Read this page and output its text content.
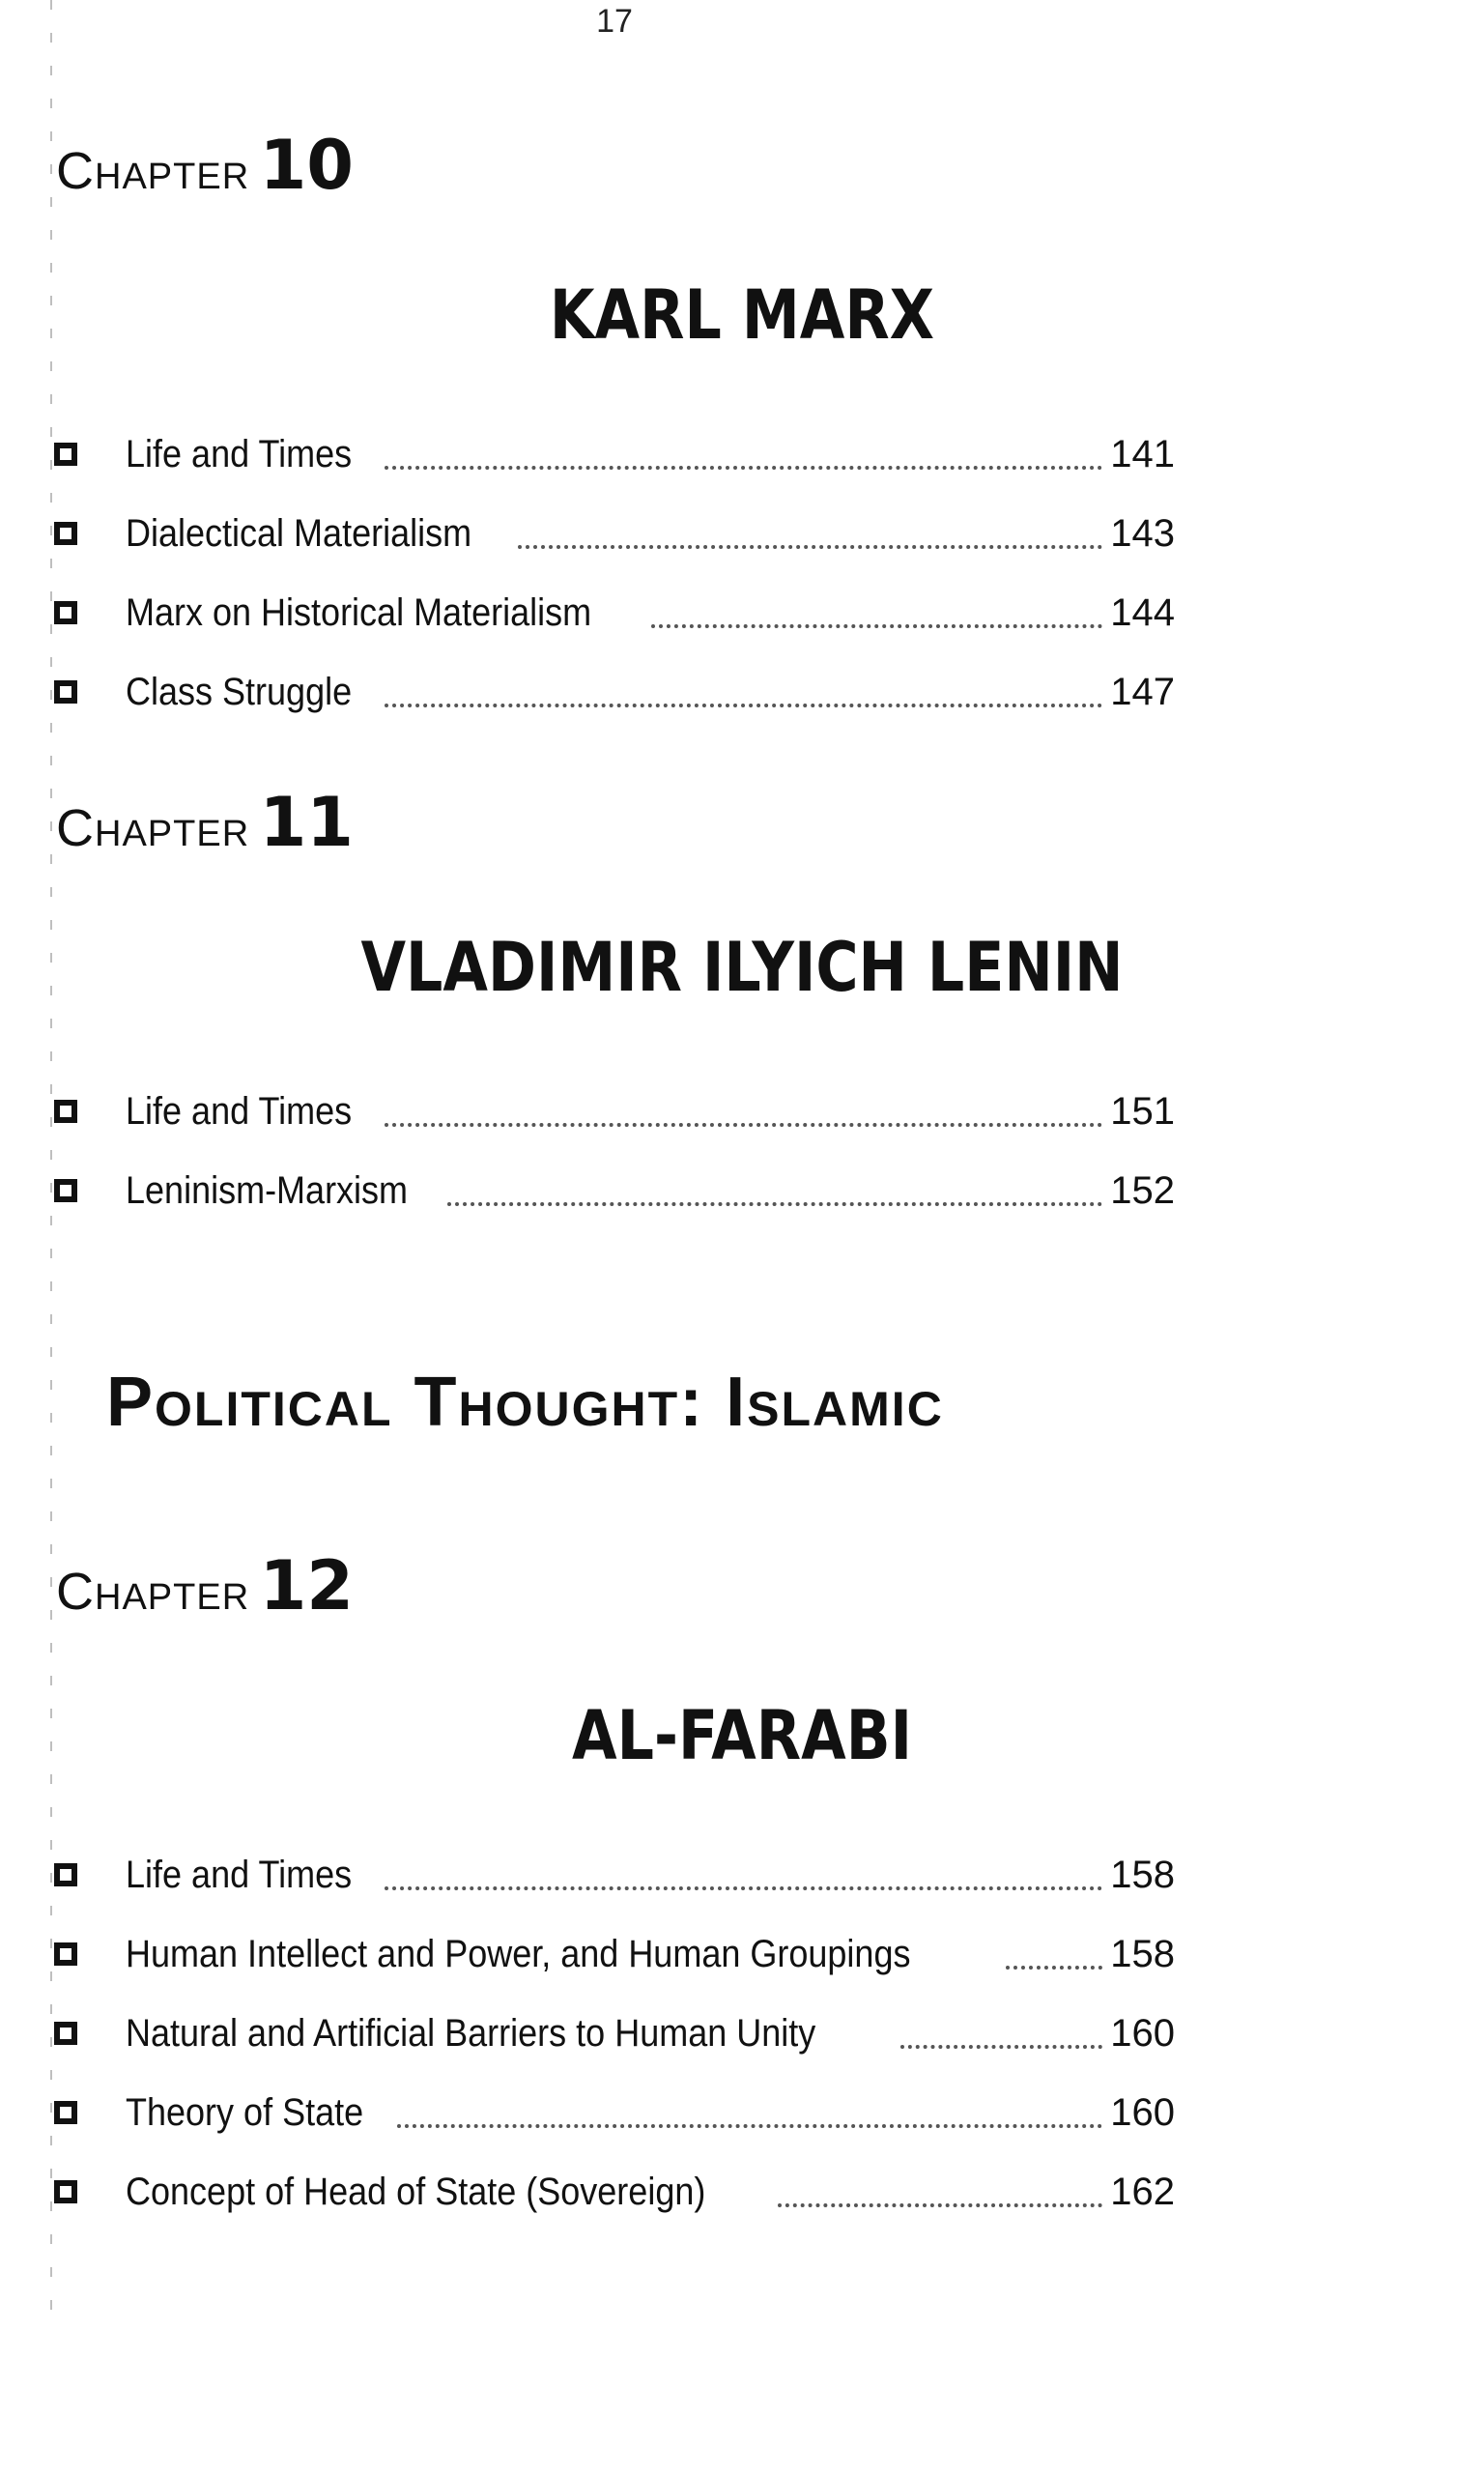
17
Chapter 10
KARL MARX
Life and Times	141
Dialectical Materialism	143
Marx on Historical Materialism	144
Class Struggle	147
Chapter 11
VLADIMIR ILYICH LENIN
Life and Times	151
Leninism-Marxism	152
Political Thought: Islamic
Chapter 12
AL-FARABI
Life and Times	158
Human Intellect and Power, and Human Groupings	158
Natural and Artificial Barriers to Human Unity	160
Theory of State	160
Concept of Head of State (Sovereign)	162
